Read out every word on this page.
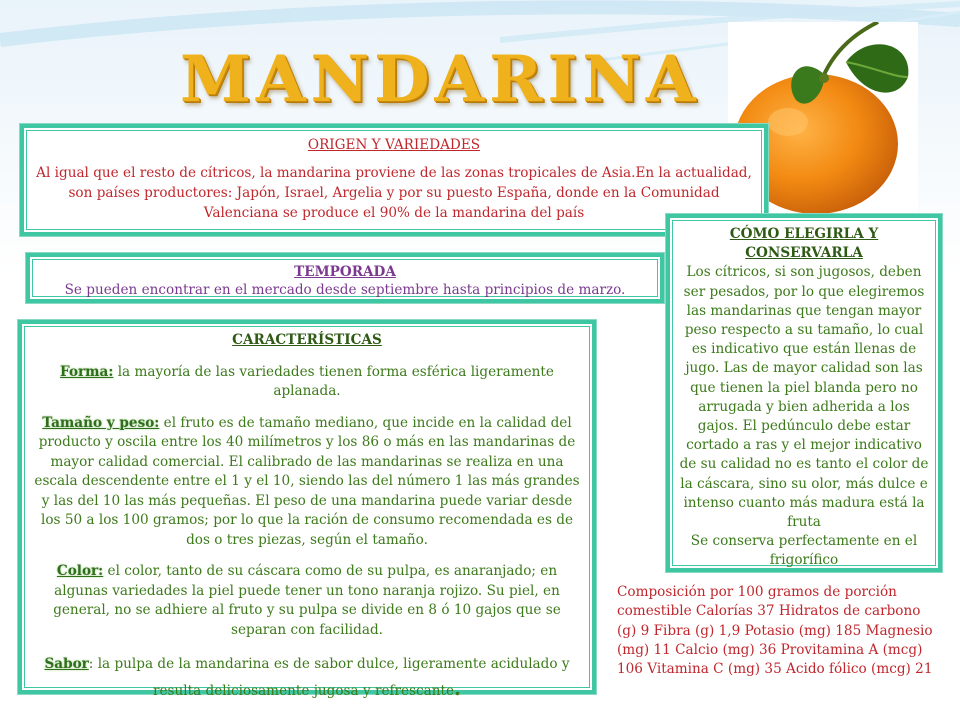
MANDARINA

ORIGEN Y VARIEDADES

Al igual que el resto de cítricos, la mandarina proviene de las zonas tropicales de Asia.En la actualidad, son países productores: Japón, Israel, Argelia y por su puesto España, donde en la Comunidad Valenciana se produce el 90% de la mandarina del país

TEMPORADA

Se pueden encontrar en el mercado desde septiembre hasta principios de marzo.

CARACTERÍSTICAS

Forma: la mayoría de las variedades tienen forma esférica ligeramente aplanada.

Tamaño y peso: el fruto es de tamaño mediano, que incide en la calidad del producto y oscila entre los 40 milímetros y los 86 o más en las mandarinas de mayor calidad comercial. El calibrado de las mandarinas se realiza en una escala descendente entre el 1 y el 10, siendo las del número 1 las más grandes y las del 10 las más pequeñas. El peso de una mandarina puede variar desde los 50 a los 100 gramos; por lo que la ración de consumo recomendada es de dos o tres piezas, según el tamaño.

Color: el color, tanto de su cáscara como de su pulpa, es anaranjado; en algunas variedades la piel puede tener un tono naranja rojizo. Su piel, en general, no se adhiere al fruto y su pulpa se divide en 8 ó 10 gajos que se separan con facilidad.

Sabor: la pulpa de la mandarina es de sabor dulce, ligeramente acidulado y resulta deliciosamente jugosa y refrescante.

CÓMO ELEGIRLA Y CONSERVARLA

Los cítricos, si son jugosos, deben ser pesados, por lo que elegiremos las mandarinas que tengan mayor peso respecto a su tamaño, lo cual es indicativo que están llenas de jugo. Las de mayor calidad son las que tienen la piel blanda pero no arrugada y bien adherida a los gajos. El pedúnculo debe estar cortado a ras y el mejor indicativo de su calidad no es tanto el color de la cáscara, sino su olor, más dulce e intenso cuanto más madura está la fruta

Se conserva perfectamente en el frigorífico

Composición por 100 gramos de porción comestible Calorías 37 Hidratos de carbono (g) 9 Fibra (g) 1,9 Potasio (mg) 185 Magnesio (mg) 11 Calcio (mg) 36 Provitamina A (mcg) 106 Vitamina C (mg) 35 Acido fólico (mcg) 21
